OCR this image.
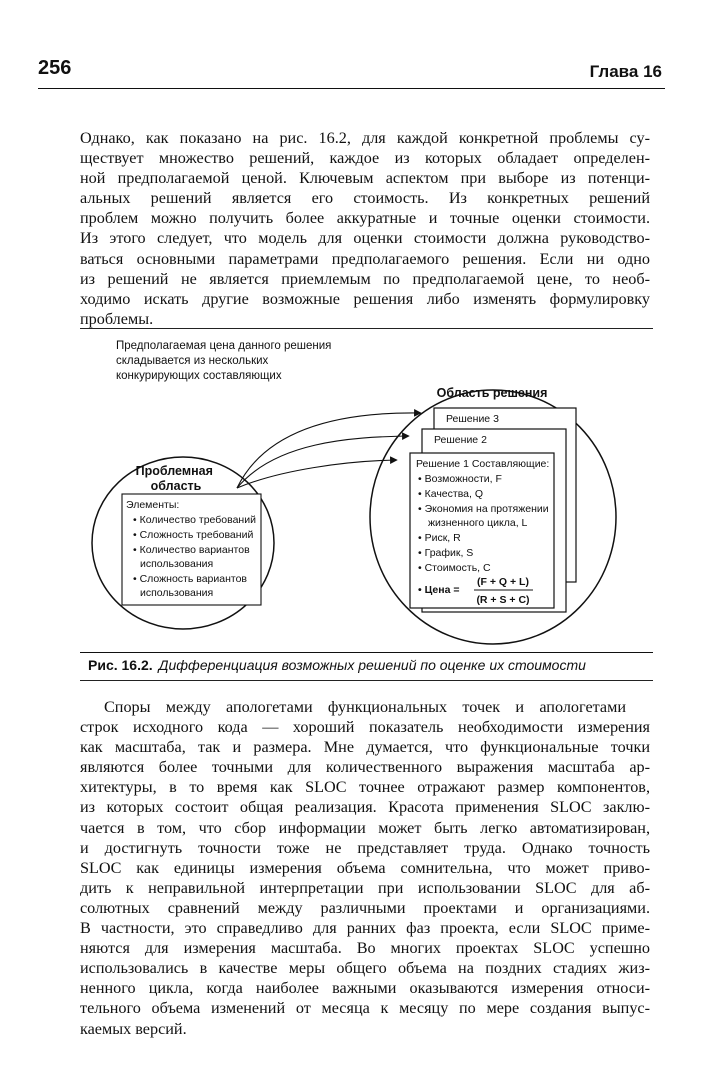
256	Глава 16

Однако, как показано на рис. 16.2, для каждой конкретной проблемы су-
ществует множество решений, каждое из которых обладает определен-
ной предполагаемой ценой. Ключевым аспектом при выборе из потенци-
альных решений является его стоимость. Из конкретных решений
проблем можно получить более аккуратные и точные оценки стоимости.
Из этого следует, что модель для оценки стоимости должна руководство-
ваться основными параметрами предполагаемого решения. Если ни одно
из решений не является приемлемым по предполагаемой цене, то необ-
ходимо искать другие возможные решения либо изменять формулировку
проблемы.

Предполагаемая цена данного решения складывается из нескольких конкурирующих составляющих
Проблемная область
Элементы: • Количество требований • Сложность требований • Количество вариантов использования • Сложность вариантов использования
Область решения
Решение 3
Решение 2
Решение 1 Составляющие: • Возможности, F • Качества, Q • Экономия на протяжении жизненного цикла, L • Риск, R • График, S • Стоимость, C
• Цена =
(F + Q + L)
(R + S + C)
Рис. 16.2. Дифференциация возможных решений по оценке их стоимости

Споры между апологетами функциональных точек и апологетами
строк исходного кода — хороший показатель необходимости измерения
как масштаба, так и размера. Мне думается, что функциональные точки
являются более точными для количественного выражения масштаба ар-
хитектуры, в то время как SLOC точнее отражают размер компонентов,
из которых состоит общая реализация. Красота применения SLOC заклю-
чается в том, что сбор информации может быть легко автоматизирован,
и достигнуть точности тоже не представляет труда. Однако точность
SLOC как единицы измерения объема сомнительна, что может приво-
дить к неправильной интерпретации при использовании SLOC для аб-
солютных сравнений между различными проектами и организациями.
В частности, это справедливо для ранних фаз проекта, если SLOC приме-
няются для измерения масштаба. Во многих проектах SLOC успешно
использовались в качестве меры общего объема на поздних стадиях жиз-
ненного цикла, когда наиболее важными оказываются измерения относи-
тельного объема изменений от месяца к месяцу по мере создания выпус-
каемых версий.
